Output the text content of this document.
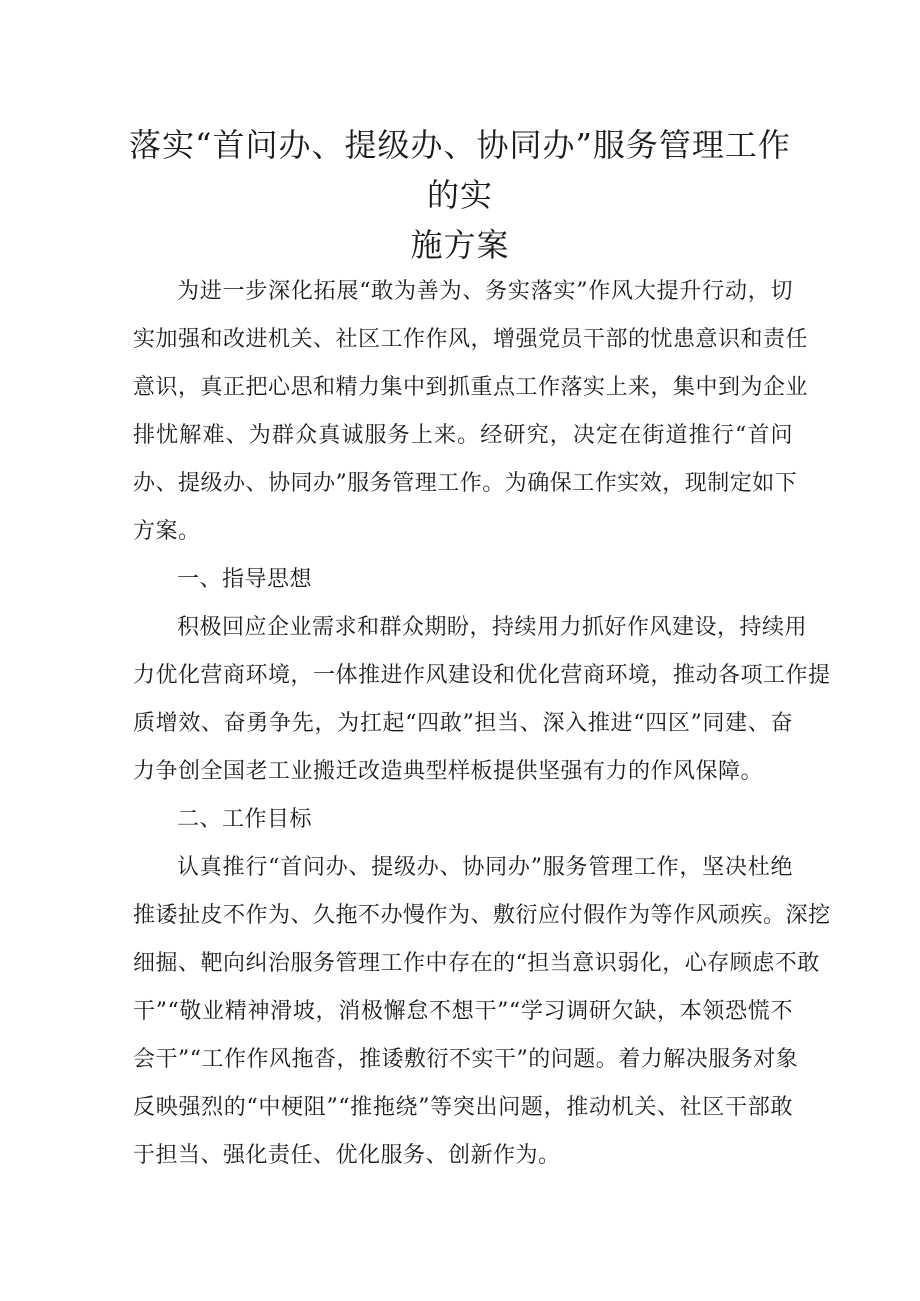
落实“首问办、提级办、协同办”服务管理工作的实
施方案
为进一步深化拓展“敢为善为、务实落实”作风大提升行动，切
实加强和改进机关、社区工作作风，增强党员干部的忧患意识和责任
意识，真正把心思和精力集中到抓重点工作落实上来，集中到为企业
排忧解难、为群众真诚服务上来。经研究，决定在街道推行“首问
办、提级办、协同办”服务管理工作。为确保工作实效，现制定如下
方案。
一、指导思想
积极回应企业需求和群众期盼，持续用力抓好作风建设，持续用
力优化营商环境，一体推进作风建设和优化营商环境，推动各项工作提
质增效、奋勇争先，为扛起“四敢”担当、深入推进“四区”同建、奋
力争创全国老工业搬迁改造典型样板提供坚强有力的作风保障。
二、工作目标
认真推行“首问办、提级办、协同办”服务管理工作，坚决杜绝
推诿扯皮不作为、久拖不办慢作为、敷衍应付假作为等作风顽疾。深挖
细掘、靶向纠治服务管理工作中存在的“担当意识弱化，心存顾虑不敢
干”“敬业精神滑坡，消极懈怠不想干”“学习调研欠缺，本领恐慌不
会干”“工作作风拖沓，推诿敷衍不实干”的问题。着力解决服务对象
反映强烈的“中梗阻”“推拖绕”等突出问题，推动机关、社区干部敢
于担当、强化责任、优化服务、创新作为。
